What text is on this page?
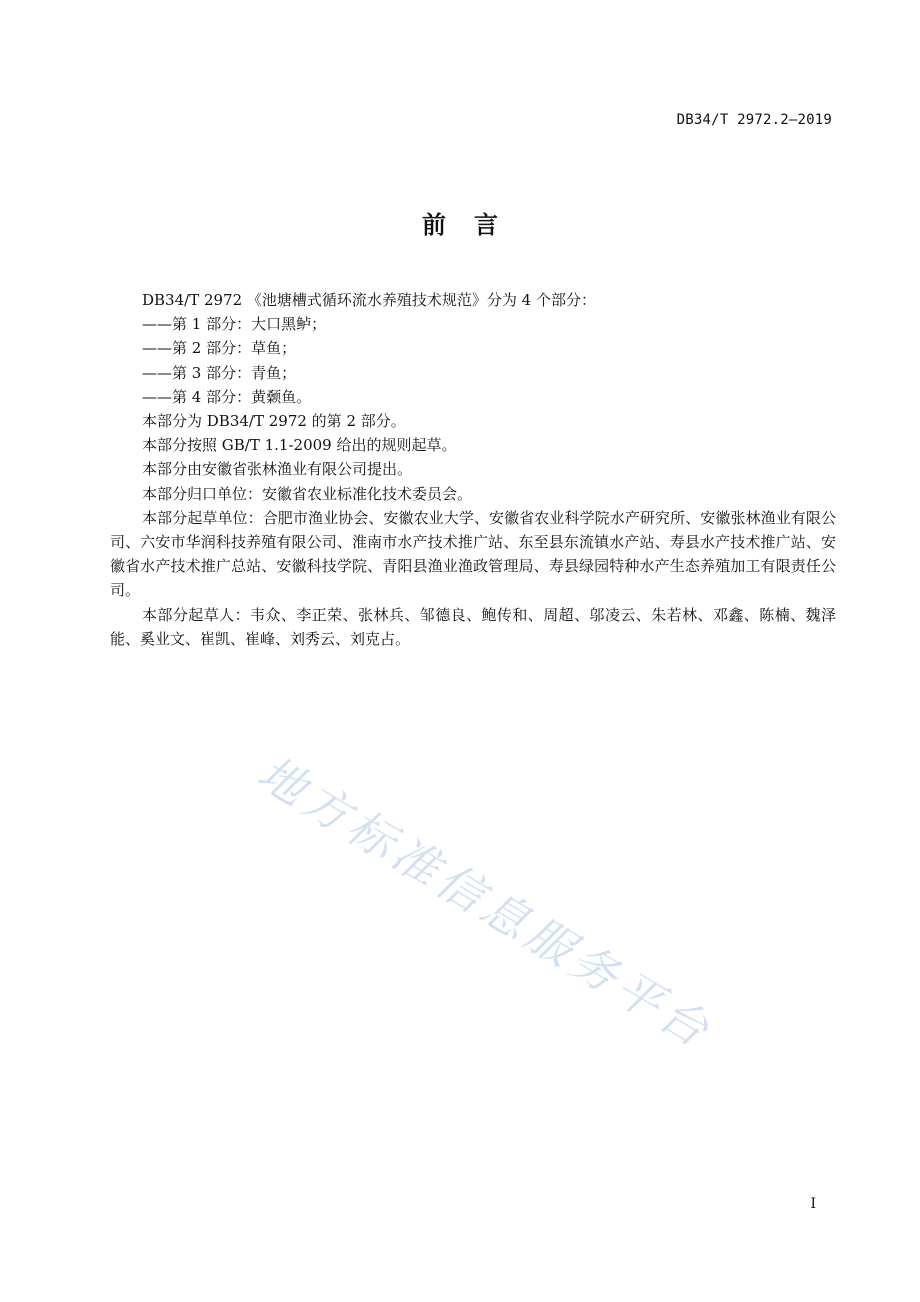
DB34/T 2972.2—2019
前言

DB34/T 2972 《池塘槽式循环流水养殖技术规范》分为 4 个部分：

——第 1 部分：大口黑鲈；

——第 2 部分：草鱼；

——第 3 部分：青鱼；

——第 4 部分：黄颡鱼。

本部分为 DB34/T 2972 的第 2 部分。

本部分按照 GB/T 1.1-2009 给出的规则起草。

本部分由安徽省张林渔业有限公司提出。

本部分归口单位：安徽省农业标准化技术委员会。

本部分起草单位：合肥市渔业协会、安徽农业大学、安徽省农业科学院水产研究所、安徽张林渔业有限公司、六安市华润科技养殖有限公司、淮南市水产技术推广站、东至县东流镇水产站、寿县水产技术推广站、安徽省水产技术推广总站、安徽科技学院、青阳县渔业渔政管理局、寿县绿园特种水产生态养殖加工有限责任公司。

本部分起草人：韦众、李正荣、张林兵、邹德良、鲍传和、周超、邬凌云、朱若林、邓鑫、陈楠、魏泽能、奚业文、崔凯、崔峰、刘秀云、刘克占。

地方标准信息服务平台
I
